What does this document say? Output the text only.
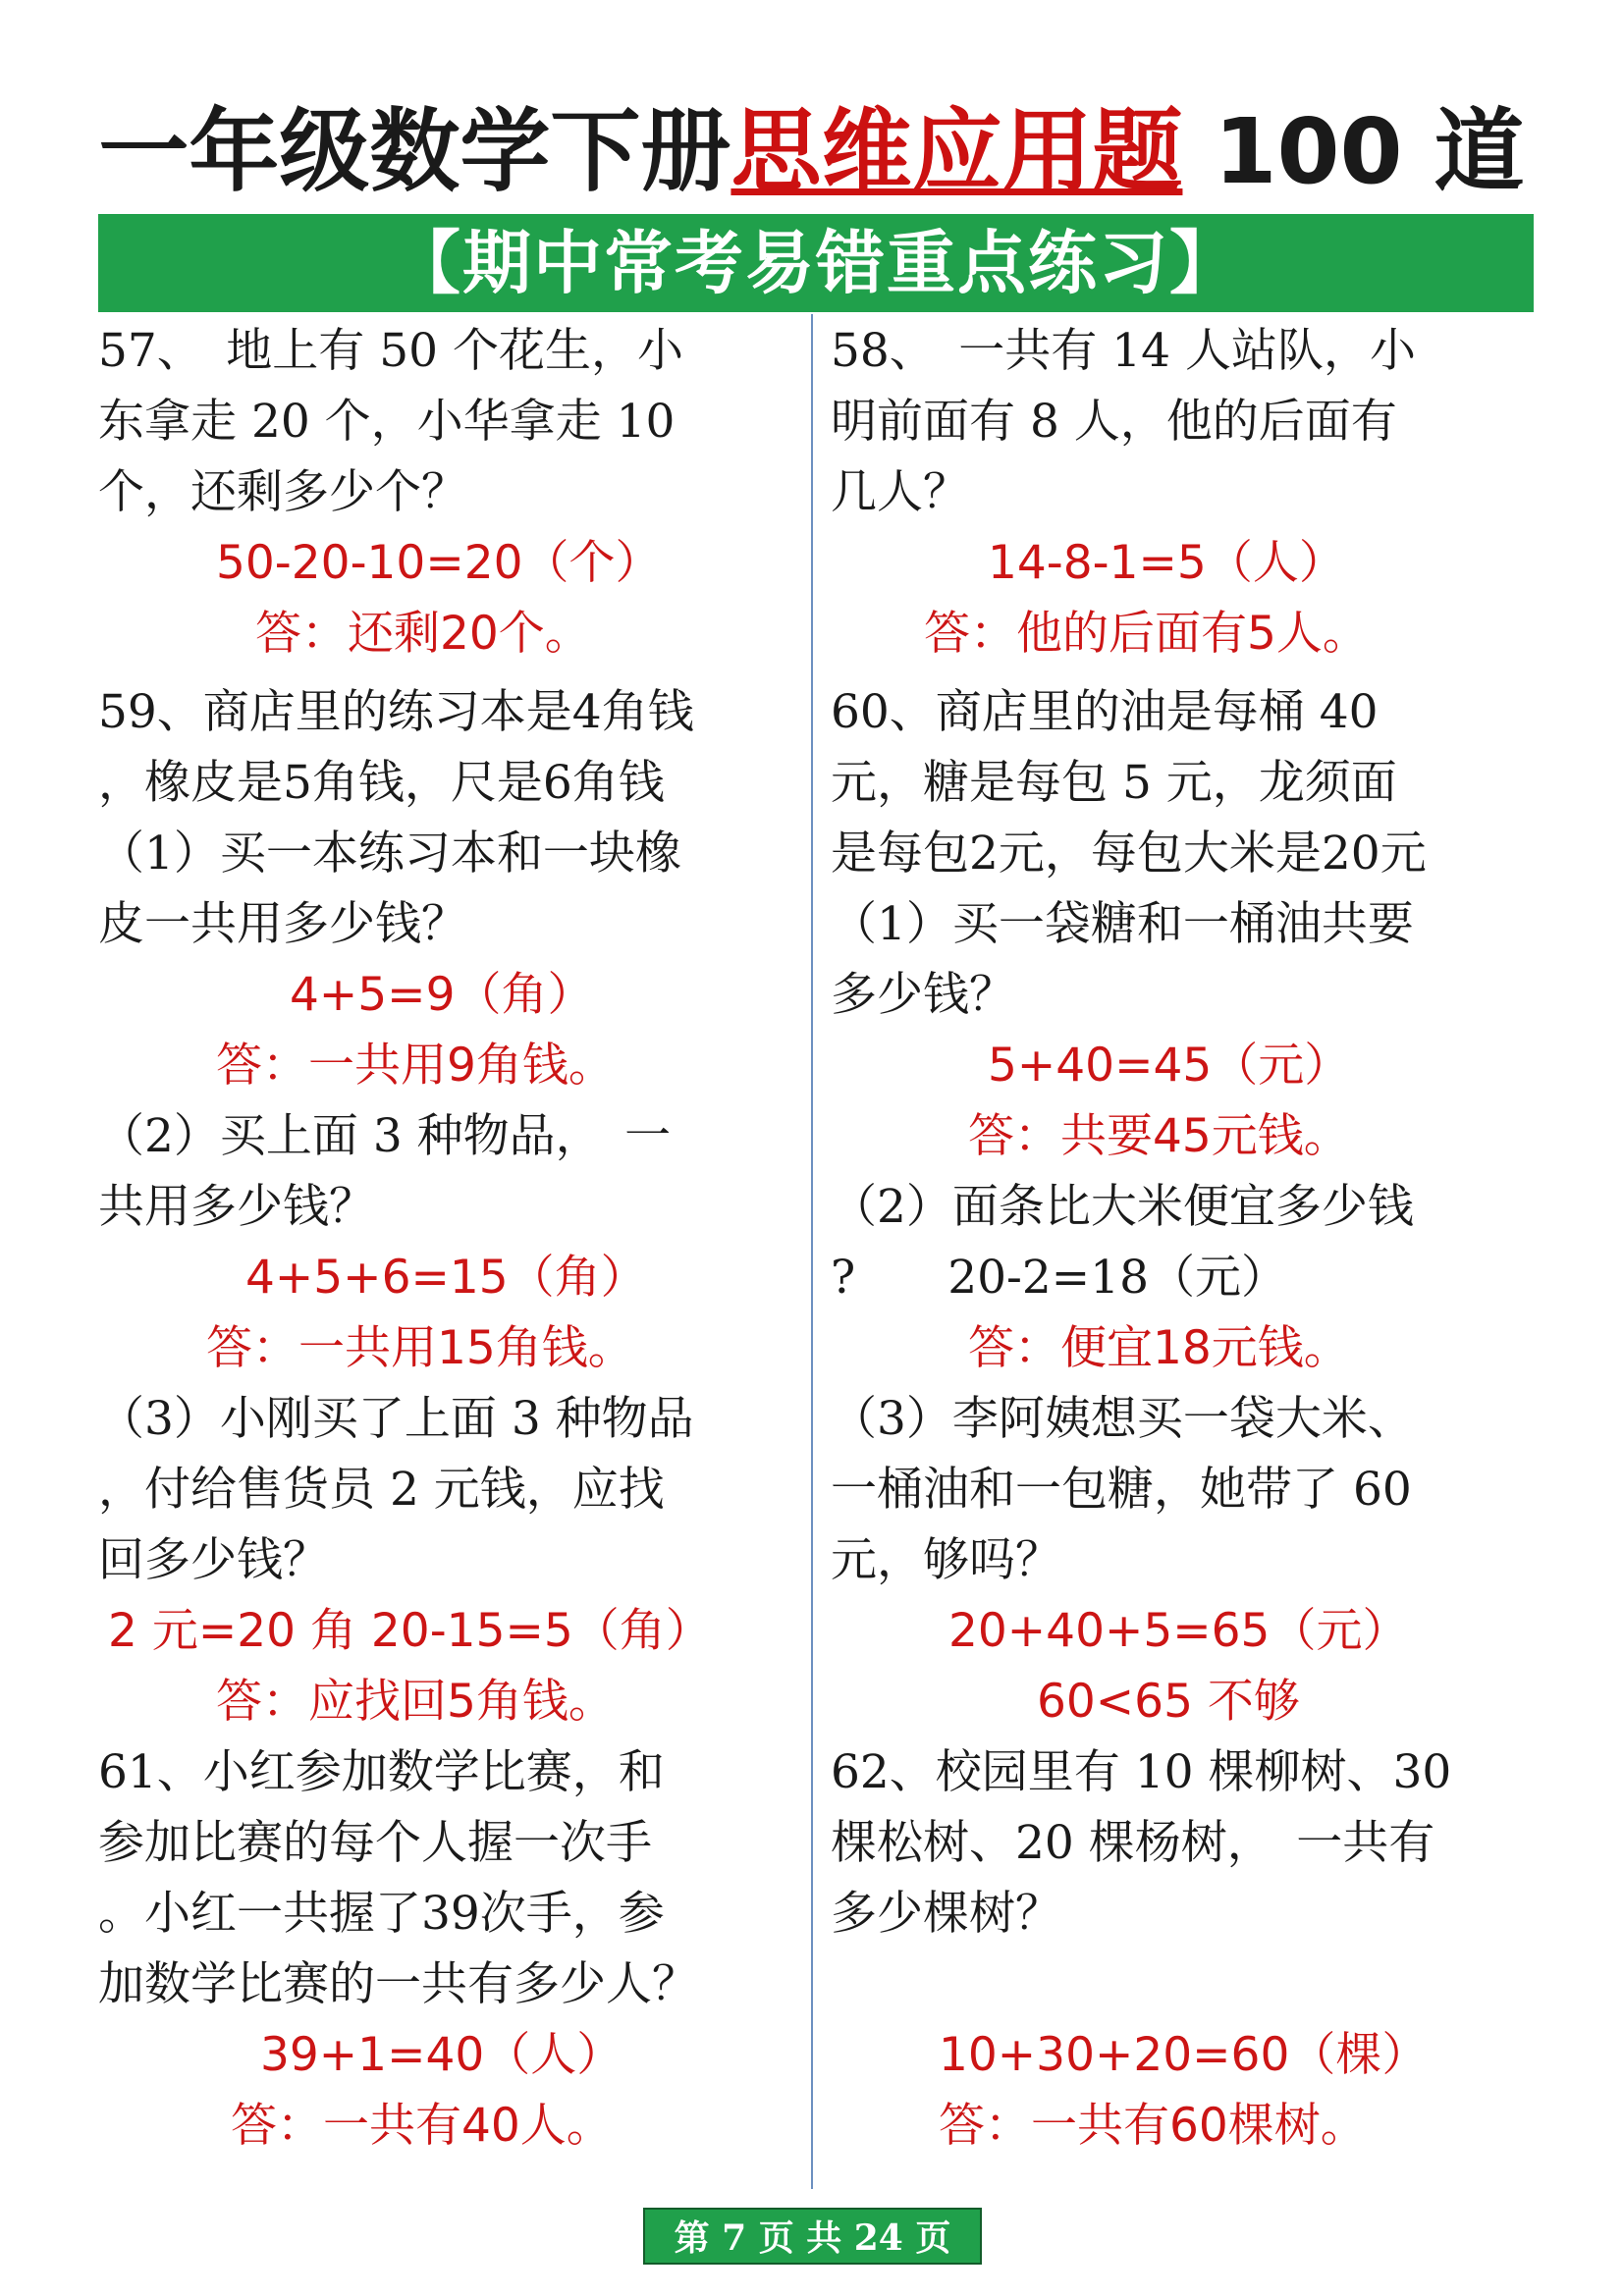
一年级数学下册思维应用题 100 道
【期中常考易错重点练习】
57、　地上有 50 个花生，小
东拿走 20 个，小华拿走 10
个，还剩多少个？
50-20-10=20（个）
答：还剩20个。
59、商店里的练习本是4角钱
，橡皮是5角钱，尺是6角钱
（1）买一本练习本和一块橡
皮一共用多少钱？
4+5=9（角）
答：一共用9角钱。
（2）买上面 3 种物品，　一
共用多少钱？
4+5+6=15（角）
答：一共用15角钱。
（3）小刚买了上面 3 种物品
，付给售货员 2 元钱，应找
回多少钱？
2 元=20 角 20-15=5（角）
答：应找回5角钱。
61、小红参加数学比赛，和
参加比赛的每个人握一次手
。小红一共握了39次手，参
加数学比赛的一共有多少人？
39+1=40（人）
答：一共有40人。
58、　一共有 14 人站队，小
明前面有 8 人，他的后面有
几人？
14-8-1=5（人）
答：他的后面有5人。
60、商店里的油是每桶 40
元，糖是每包 5 元，龙须面
是每包2元，每包大米是20元
（1）买一袋糖和一桶油共要
多少钱？
5+40=45（元）
答：共要45元钱。
（2）面条比大米便宜多少钱
?　　20-2=18（元）
答：便宜18元钱。
（3）李阿姨想买一袋大米、
一桶油和一包糖，她带了 60
元，够吗？
20+40+5=65（元）
60<65 不够
62、校园里有 10 棵柳树、30
棵松树、20 棵杨树，　一共有
多少棵树？

10+30+20=60（棵）
答：一共有60棵树。
第 7 页 共 24 页
